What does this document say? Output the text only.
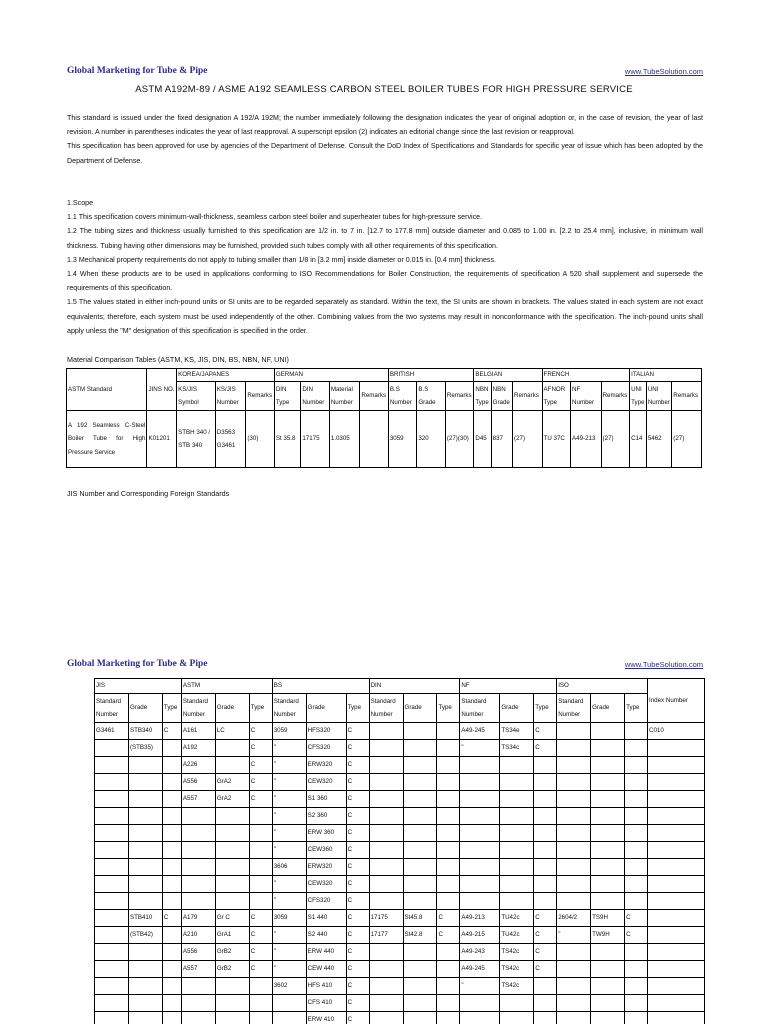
Global Marketing for Tube & Pipe	www.TubeSolution.com
ASTM A192M-89 / ASME A192 SEAMLESS CARBON STEEL BOILER TUBES FOR HIGH PRESSURE SERVICE

This standard is issued under the fixed designation A 192/A 192M; the number immediately following the designation indicates the year of original adoption or, in the case of revision, the year of last revision. A number in parentheses indicates the year of last reapproval. A superscript epsilon (2) indicates an editorial change since the last revision or reapproval.

This specification has been approved for use by agencies of the Department of Defense. Consult the DoD Index of Specifications and Standards for specific year of issue which has been adopted by the Department of Defense.

1.Scope

1.1 This specification covers minimum-wall-thickness, seamless carbon steel boiler and superheater tubes for high-pressure service.

1.2 The tubing sizes and thickness usually furnished to this specification are 1/2 in. to 7 in. [12.7 to 177.8 mm] outside diameter and 0.085 to 1.00 in. [2.2 to 25.4 mm], inclusive, in minimum wall thickness. Tubing having other dimensions may be furnished, provided such tubes comply with all other requirements of this specification.

1.3 Mechanical property requirements do not apply to tubing smaller than 1/8 in [3.2 mm] inside diameter or 0.015 in. [0.4 mm] thickness.

1.4 When these products are to be used in applications conforming to ISO Recommendations for Boiler Construction, the requirements of specification A 520 shall supplement and supersede the requirements of this specification.

1.5 The values stated in either inch-pound units or SI units are to be regarded separately as standard. Within the text, the SI units are shown in brackets. The values stated in each system are not exact equivalents; therefore, each system must be used independently of the other. Combining values from the two systems may result in nonconformance with the specification. The inch-pound units shall apply unless the "M" designation of this specification is specified in the order.

Material Comparison Tables (ASTM, KS, JIS, DIN, BS, NBN, NF, UNI)
ASTM Standard	JINS NO.	KOREA/JAPANES			GERMAN				BRITISH			BELGIAN			FRENCH			ITALIAN		
		KS/JIS Symbol	KS/JIS Number	Remarks	DIN Type	DIN Number	Material Number	Remarks	B.S Number	B.S Grade	Remarks	NBN Type	NBN Grade	Remarks	AFNOR Type	NF Number	Remarks	UNI Type	UNI Number	Remarks
A 192 Seamless C-Steel Boiler Tube for High Pressure Service	K01201	STBH 340 / STB 340	D3563 G3461	(30)	St 35.8	17175	1.0305		3059	320	(27)(30)	D45	837	(27)	TU 37C	A49-213	(27)	C14	5462	(27)
JIS Number and Corresponding Foreign Standards
Global Marketing for Tube & Pipe	www.TubeSolution.com
JIS			ASTM			BS			DIN			NF			ISO			Index Number
Standard Number	Grade	Type	Standard Number	Grade	Type	Standard Number	Grade	Type	Standard Number	Grade	Type	Standard Number	Grade	Type	Standard Number	Grade	Type	
G3461	STB340	C	A161	LC	C	3059	HFS320	C				A49-245	TS34e	C				C010
	(STB35)		A192		C	"	CFS320	C				"	TS34c	C				
			A226		C	"	ERW320	C										
			A556	GrA2	C	"	CEW320	C										
			A557	GrA2	C	"	S1 360	C										
						"	S2 360	C										
						"	ERW 360	C										
						"	CEW360	C										
						3606	ERW320	C										
						"	CEW320	C										
						"	CFS320	C										
	STB410	C	A179	Gr C	C	3059	S1 440	C	17175	St45.8	C	A49-213	TU42c	C	2604/2	TS9H	C	
	(STB42)		A210	GrA1	C	"	S2 440	C	17177	St42.8	C	A49-215	TU42c	C	"	TW9H	C	
			A556	GrB2	C	"	ERW 440	C				A49-243	TS42c	C				
			A557	GrB2	C	"	CEW 440	C				A49-245	TS42c	C				
						3602	HFS 410	C				"	TS42c					
							CFS 410	C										
							ERW 410	C										
